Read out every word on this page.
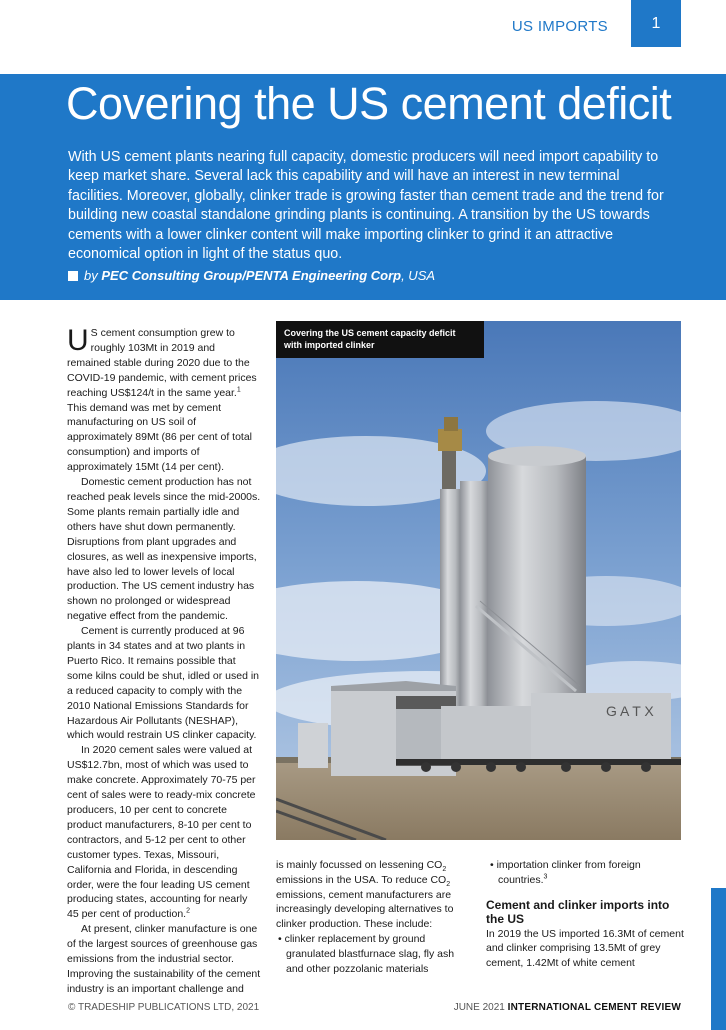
US IMPORTS	1
Covering the US cement deficit

With US cement plants nearing full capacity, domestic producers will need import capability to keep market share. Several lack this capability and will have an interest in new terminal facilities. Moreover, globally, clinker trade is growing faster than cement trade and the trend for building new coastal standalone grinding plants is continuing. A transition by the US towards cements with a lower clinker content will make importing clinker to grind it an attractive economical option in light of the status quo.

by PEC Consulting Group/PENTA Engineering Corp, USA

U S cement consumption grew to roughly 103Mt in 2019 and remained stable during 2020 due to the COVID-19 pandemic, with cement prices reaching US$124/t in the same year.$^1$ This demand was met by cement manufacturing on US soil of approximately 89Mt (86 per cent of total consumption) and imports of approximately 15Mt (14 per cent).

Domestic cement production has not reached peak levels since the mid-2000s. Some plants remain partially idle and others have shut down permanently. Disruptions from plant upgrades and closures, as well as inexpensive imports, have also led to lower levels of local production. The US cement industry has shown no prolonged or widespread negative effect from the pandemic.

Cement is currently produced at 96 plants in 34 states and at two plants in Puerto Rico. It remains possible that some kilns could be shut, idled or used in a reduced capacity to comply with the 2010 National Emissions Standards for Hazardous Air Pollutants (NESHAP), which would restrain US clinker capacity.

In 2020 cement sales were valued at US$12.7bn, most of which was used to make concrete. Approximately 70-75 per cent of sales were to ready-mix concrete producers, 10 per cent to concrete product manufacturers, 8-10 per cent to contractors, and 5-12 per cent to other customer types. Texas, Missouri, California and Florida, in descending order, were the four leading US cement producing states, accounting for nearly 45 per cent of production.$^2$

At present, clinker manufacture is one of the largest sources of greenhouse gas emissions from the industrial sector. Improving the sustainability of the cement industry is an important challenge and

G A T X
Covering the US cement capacity deficit with imported clinker

is mainly focussed on lessening $CO_2$ emissions in the USA. To reduce $CO_2$ emissions, cement manufacturers are increasingly developing alternatives to clinker production. These include:

• clinker replacement by ground granulated blastfurnace slag, fly ash and other pozzolanic materials

• importation clinker from foreign countries.$^3$

Cement and clinker imports into the US

In 2019 the US imported 16.3Mt of cement and clinker comprising 13.5Mt of grey cement, 1.42Mt of white cement

© TRADESHIP PUBLICATIONS LTD, 2021	JUNE 2021 INTERNATIONAL CEMENT REVIEW
